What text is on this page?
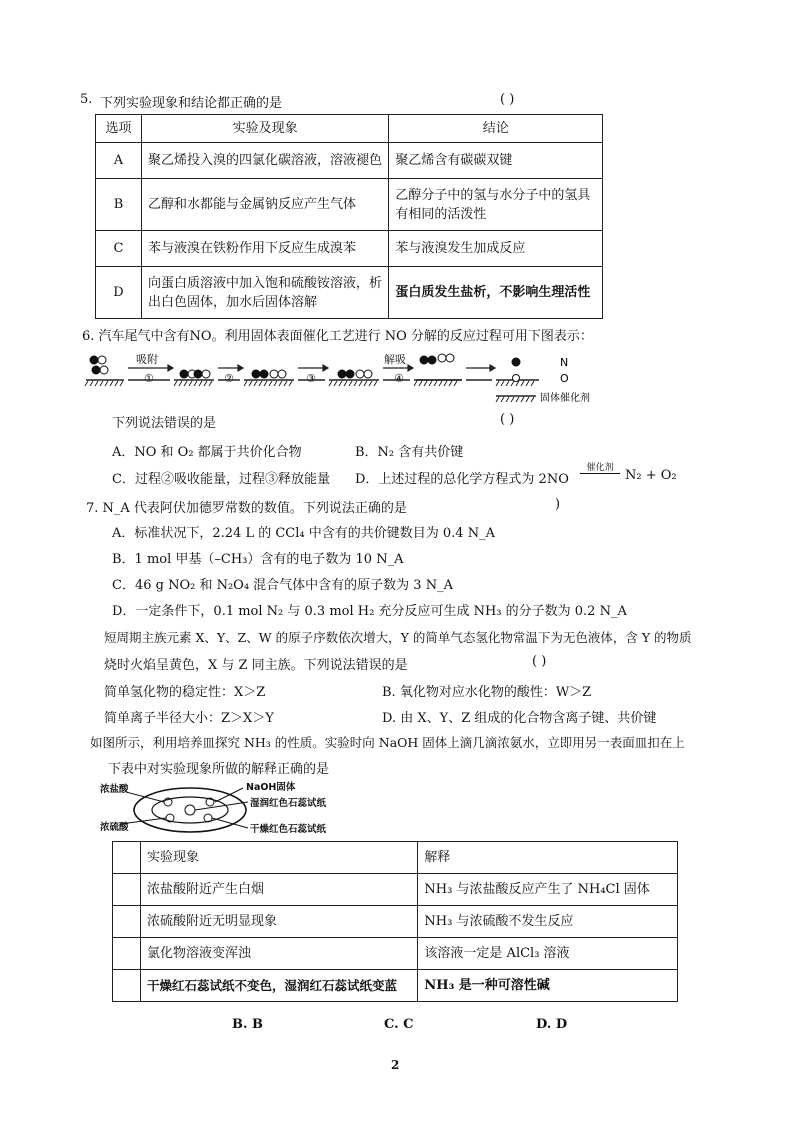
5. 下列实验现象和结论都正确的是	( )
选项	实验及现象	结论
A	聚乙烯投入溴的四氯化碳溶液，溶液褪色	聚乙烯含有碳碳双键
B	乙醇和水都能与金属钠反应产生气体	乙醇分子中的氢与水分子中的氢具有相同的活泼性
C	苯与液溴在铁粉作用下反应生成溴苯	苯与液溴发生加成反应
D	向蛋白质溶液中加入饱和硫酸铵溶液，析出白色固体，加水后固体溶解	蛋白质发生盐析，不影响生理活性
6. 汽车尾气中含有NO。利用固体表面催化工艺进行 NO 分解的反应过程可用下图表示：
吸附
①	②	③
解吸
④
N
O
固体催化剂
下列说法错误的是	( )
A．NO 和 O₂ 都属于共价化合物	B．N₂ 含有共价键
C．过程②吸收能量，过程③释放能量 D．上述过程的总化学方程式为 2NO
催化剂 N₂ + O₂
7. N_A 代表阿伏加德罗常数的数值。下列说法正确的是	)
A．标准状况下，2.24 L 的 CCl₄ 中含有的共价键数目为 0.4 N_A
B．1 mol 甲基（–CH₃）含有的电子数为 10 N_A
C．46 g NO₂ 和 N₂O₄ 混合气体中含有的原子数为 3 N_A
D．一定条件下，0.1 mol N₂ 与 0.3 mol H₂ 充分反应可生成 NH₃ 的分子数为 0.2 N_A
短周期主族元素 X、Y、Z、W 的原子序数依次增大，Y 的简单气态氢化物常温下为无色液体，含 Y 的物质
烧时火焰呈黄色，X 与 Z 同主族。下列说法错误的是	( )
简单氢化物的稳定性：X＞Z	B. 氧化物对应水化物的酸性：W＞Z
简单离子半径大小：Z＞X＞Y	D. 由 X、Y、Z 组成的化合物含离子键、共价键
如图所示，利用培养皿探究 NH₃ 的性质。实验时向 NaOH 固体上滴几滴浓氨水，立即用另一表面皿扣在上
下表中对实验现象所做的解释正确的是
浓盐酸
浓硫酸
NaOH固体
湿润红色石蕊试纸
干燥红色石蕊试纸
	实验现象	解释
	浓盐酸附近产生白烟	NH₃ 与浓盐酸反应产生了 NH₄Cl 固体
	浓硫酸附近无明显现象	NH₃ 与浓硫酸不发生反应
	氯化物溶液变浑浊	该溶液一定是 AlCl₃ 溶液
	干燥红石蕊试纸不变色，湿润红石蕊试纸变蓝	NH₃ 是一种可溶性碱
B. B	C. C	D. D
2
